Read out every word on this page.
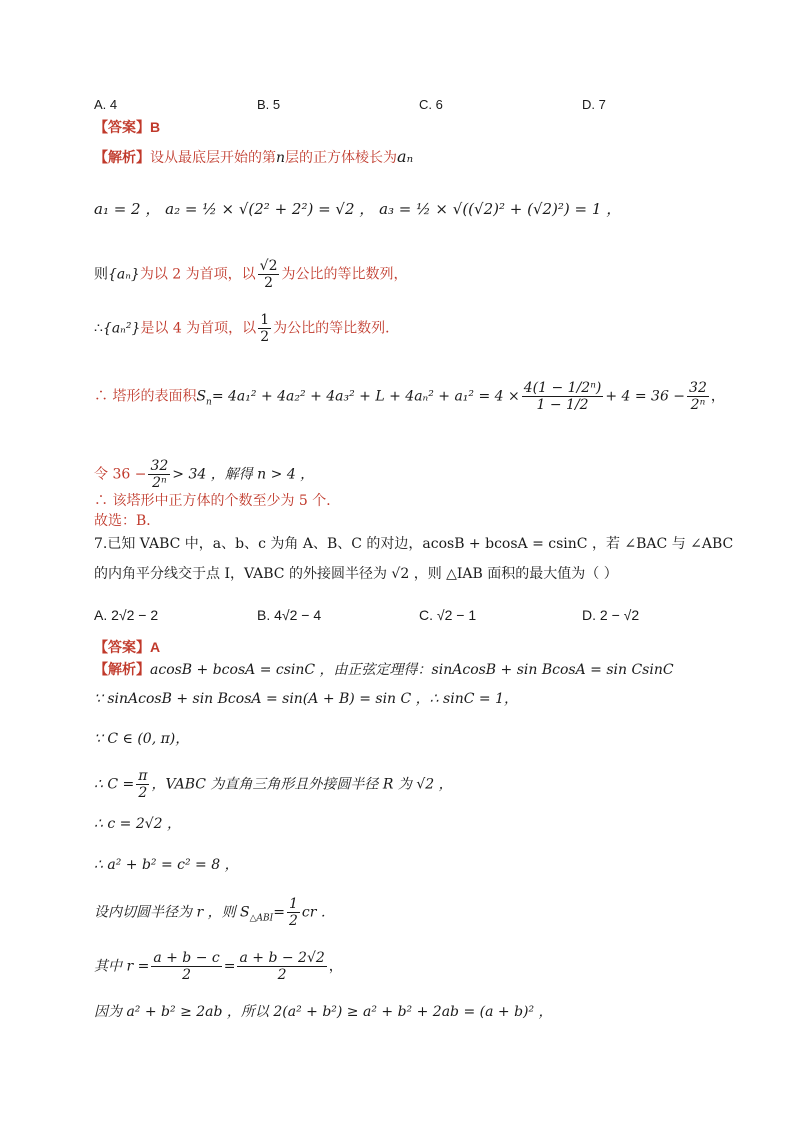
A. 4	B. 5	C. 6	D. 7
【答案】B
【解析】设从最底层开始的第n层的正方体棱长为aₙ
a₁ = 2 ， a₂ = ½ × √(2² + 2²) = √2 ， a₃ = ½ × √((√2)² + (√2)²) = 1 ，
则{aₙ}为以 2 为首项，以 $\frac{√2}{2}$ 为公比的等比数列，
∴{aₙ²}是以 4 为首项，以 $\frac{1}{2}$ 为公比的等比数列．
∴ 塔形的表面积$S_n= 4a_1^2 + 4a_2^2 + 4a_3^2 + L + 4a_n^2 + a_1^2 = 4 \times \frac{\text{4(1 − 1/2ⁿ)}}{1 - 1/2} + 4 = 36 - \frac{32}{\text{2ⁿ}}$ ，
令 $36 - \frac{32}{\text{2ⁿ}} > 34$ ，解得 n > 4 ，
∴ 该塔形中正方体的个数至少为 5 个．
故选：B．
7.已知 VABC 中，a、b、c 为角 A、B、C 的对边，acosB + bcosA = csinC ，若 ∠BAC 与 ∠ABC
的内角平分线交于点 I，VABC 的外接圆半径为 √2 ，则 △IAB 面积的最大值为（ ）
A. 2√2 − 2	B. 4√2 − 4	C. √2 − 1	D. 2 − √2
【答案】A
【解析】acosB + bcosA = csinC ，由正弦定理得：sinAcosB + sin BcosA = sin CsinC
∵ sinAcosB + sin BcosA = sin(A + B) = sin C ，∴ sinC = 1，
∵ C ∈ (0, π)，
∴ $C = \frac{\pi}{2}$ ，VABC 为直角三角形且外接圆半径 R 为 √2 ，
∴ c = 2√2 ，
∴ a² + b² = c² = 8 ，
设内切圆半径为 r ，则 $S_{\triangle ABI}= \frac{1}{2}$ cr ．
其中 $r = \frac{a + b - c}{2} = \frac{a + b - 2√2}{2}$ ，
因为 a² + b² ≥ 2ab ，所以 2(a² + b²) ≥ a² + b² + 2ab = (a + b)² ，
